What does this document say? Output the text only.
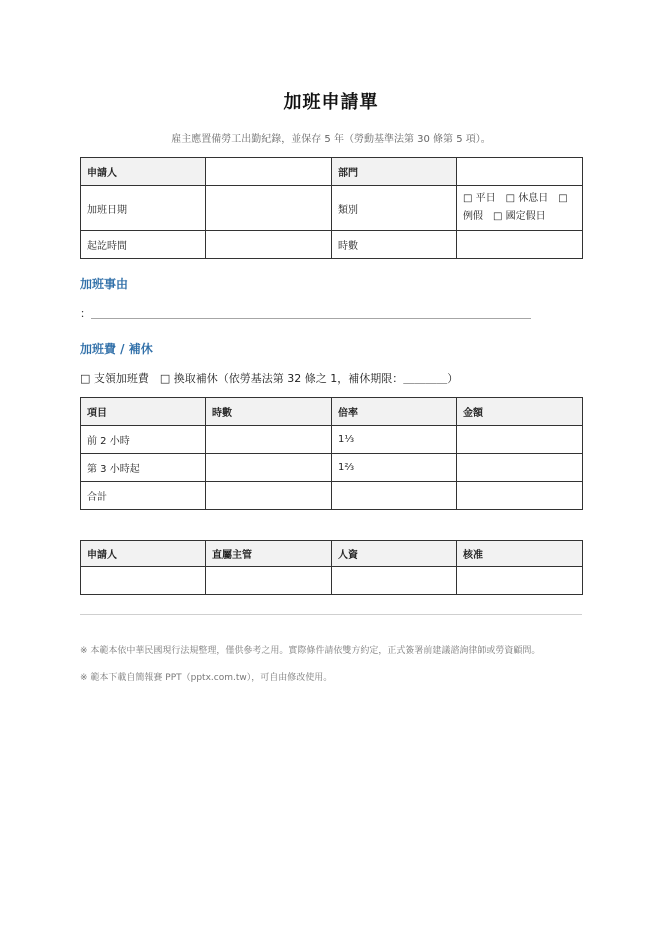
加班申請單
雇主應置備勞工出勤紀錄，並保存 5 年（勞動基準法第 30 條第 5 項）。
申請人		部門	
加班日期		類別	□ 平日　□ 休息日　□
例假　□ 國定假日

起訖時間		時數	
加班事由
：＿＿＿＿＿＿＿＿＿＿＿＿＿＿＿＿＿＿＿＿＿＿＿＿＿＿＿＿＿＿＿＿＿＿＿＿＿＿＿＿
加班費 / 補休
□ 支領加班費　□ 換取補休（依勞基法第 32 條之 1，補休期限：＿＿＿＿）
項目	時數	倍率	金額
前 2 小時		1⅓	
第 3 小時起		1⅔	
合計			
申請人	直屬主管	人資	核准

※ 本範本依中華民國現行法規整理，僅供參考之用。實際條件請依雙方約定，正式簽署前建議諮詢律師或勞資顧問。
※ 範本下載自簡報賽 PPT（pptx.com.tw），可自由修改使用。
